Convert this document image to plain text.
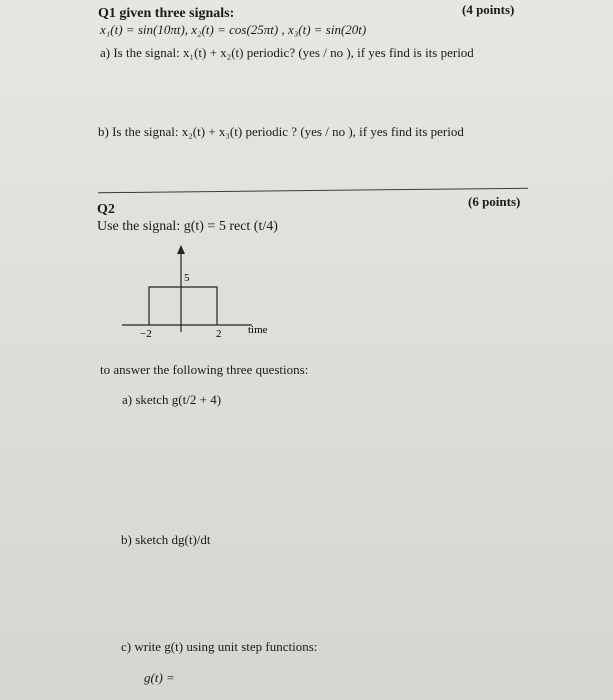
Q1 given three signals:	(4 points)
x₁(t) = sin(10πt), x₂(t) = cos(25πt) , x₃(t) = sin(20t)
a) Is the signal: x₁(t) + x₂(t) periodic? (yes / no ), if yes find is its period
b) Is the signal: x₂(t) + x₃(t) periodic ? (yes / no ), if yes find its period
(6 points)
Q2
Use the signal: g(t) = 5 rect (t/4)
5
−2	2 time
to answer the following three questions:
a) sketch g(t/2 + 4)
b) sketch dg(t)/dt
c) write g(t) using unit step functions:
g(t) =
